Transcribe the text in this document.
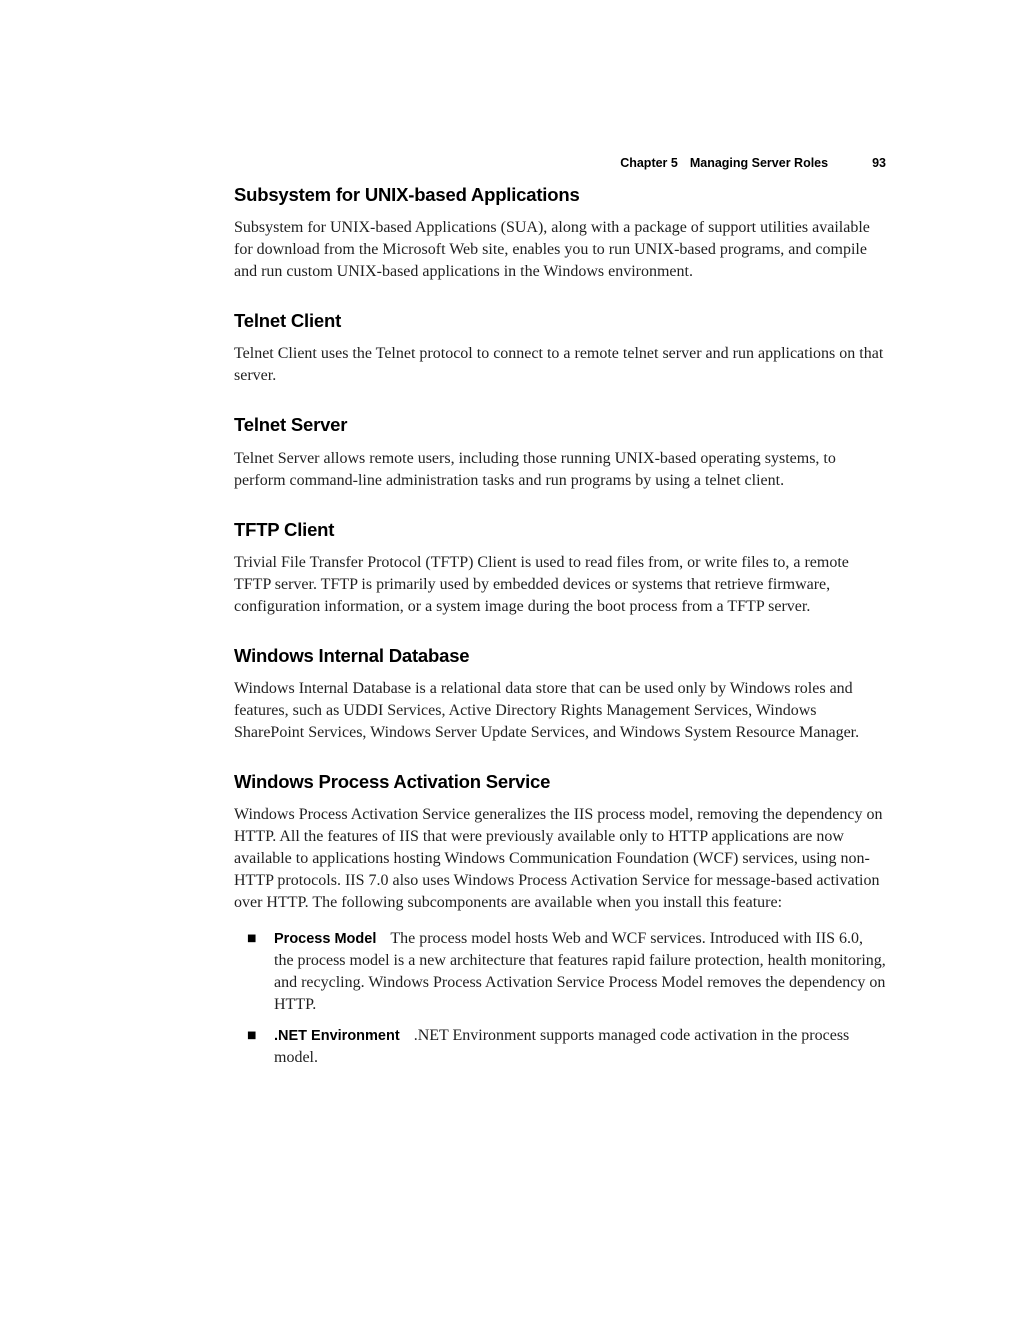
Chapter 5 Managing Server Roles	93
Subsystem for UNIX-based Applications

Subsystem for UNIX-based Applications (SUA), along with a package of support utilities available for download from the Microsoft Web site, enables you to run UNIX-based programs, and compile and run custom UNIX-based applications in the Windows environment.

Telnet Client

Telnet Client uses the Telnet protocol to connect to a remote telnet server and run applications on that server.

Telnet Server

Telnet Server allows remote users, including those running UNIX-based operating systems, to perform command-line administration tasks and run programs by using a telnet client.

TFTP Client

Trivial File Transfer Protocol (TFTP) Client is used to read files from, or write files to, a remote TFTP server. TFTP is primarily used by embedded devices or systems that retrieve firmware, configuration information, or a system image during the boot process from a TFTP server.

Windows Internal Database

Windows Internal Database is a relational data store that can be used only by Windows roles and features, such as UDDI Services, Active Directory Rights Management Services, Windows SharePoint Services, Windows Server Update Services, and Windows System Resource Manager.

Windows Process Activation Service

Windows Process Activation Service generalizes the IIS process model, removing the dependency on HTTP. All the features of IIS that were previously available only to HTTP applications are now available to applications hosting Windows Communication Foundation (WCF) services, using non-HTTP protocols. IIS 7.0 also uses Windows Process Activation Service for message-based activation over HTTP. The following subcomponents are available when you install this feature:

■	Process Model The process model hosts Web and WCF services. Introduced with IIS 6.0, the process model is a new architecture that features rapid failure protection, health monitoring, and recycling. Windows Process Activation Service Process Model removes the dependency on HTTP.
■	.NET Environment .NET Environment supports managed code activation in the process model.
